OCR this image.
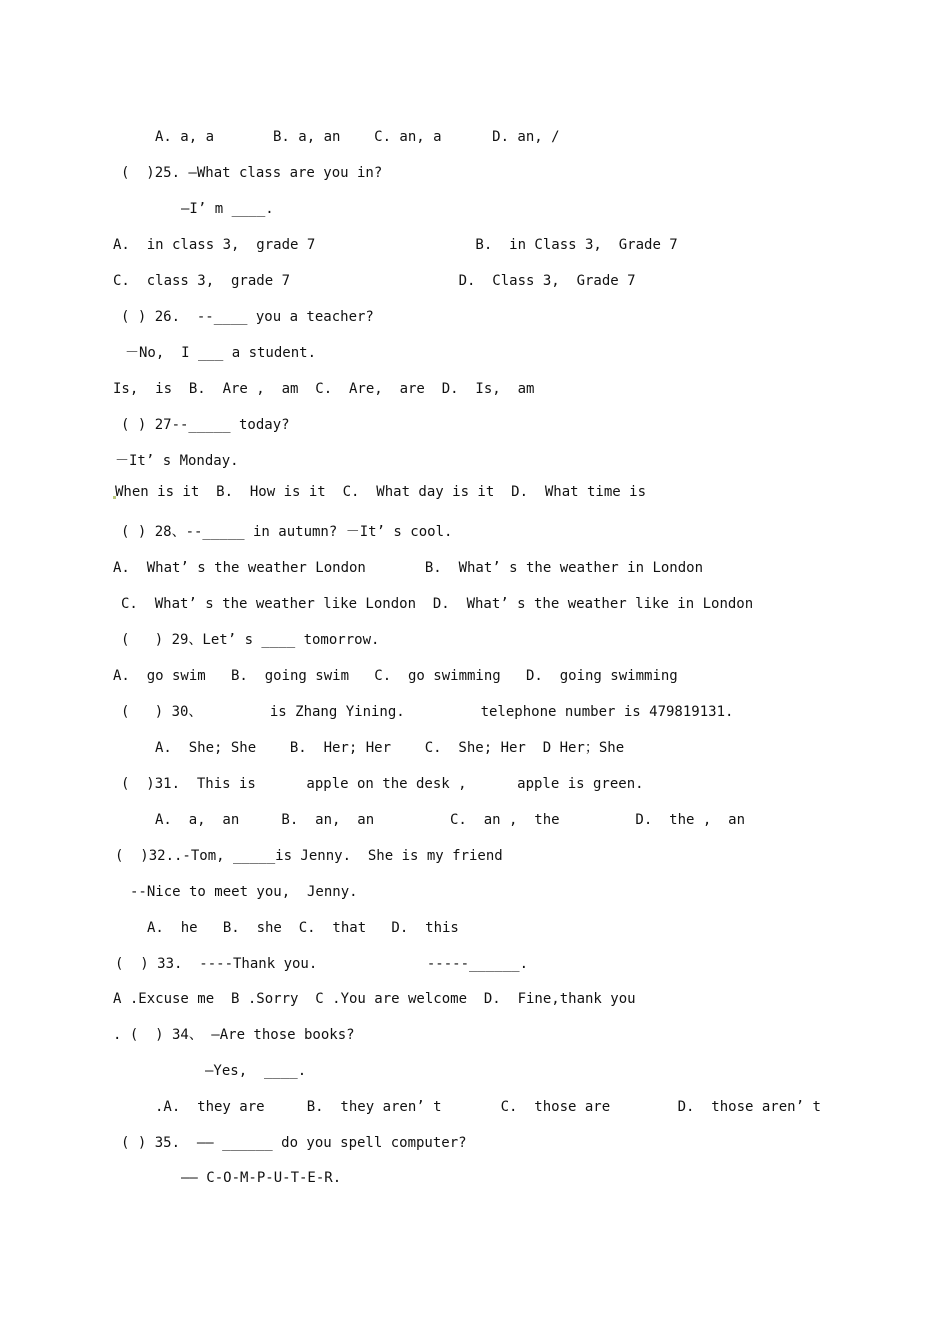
A. a, a       B. a, an    C. an, a      D. an, /
(  )25. —What class are you in?
—I’ m ____.
A.  in class 3,  grade 7                   B.  in Class 3,  Grade 7
C.  class 3,  grade 7                    D.  Class 3,  Grade 7
( ) 26.  --____ you a teacher?
－No,  I ___ a student.
Is,  is  B.  Are ,  am  C.  Are,  are  D.  Is,  am
( ) 27--_____ today?
－It’ s Monday.
When is it  B.  How is it  C.  What day is it  D.  What time is
( ) 28、--_____ in autumn? －It’ s cool.
A.  What’ s the weather London       B.  What’ s the weather in London
C.  What’ s the weather like London  D.  What’ s the weather like in London
(   ) 29、Let’ s ____ tomorrow.
A.  go swim   B.  going swim   C.  go swimming   D.  going swimming
(   ) 30、        is Zhang Yining.         telephone number is 479819131.
A.  She; She    B.  Her; Her    C.  She; Her  D Her；She
(  )31.  This is      apple on the desk ,      apple is green.
A.  a,  an     B.  an,  an         C.  an ,  the         D.  the ,  an
(  )32..-Tom, _____is Jenny.  She is my friend
--Nice to meet you,  Jenny.
A.  he   B.  she  C.  that   D.  this
(  ) 33.  ----Thank you.             -----______.
A .Excuse me  B .Sorry  C .You are welcome  D.  Fine,thank you
. (  ) 34、 —Are those books?
—Yes,  ____.
.A.  they are     B.  they aren’ t       C.  those are        D.  those aren’ t
( ) 35.  —— ______ do you spell computer?
—— C-O-M-P-U-T-E-R.
